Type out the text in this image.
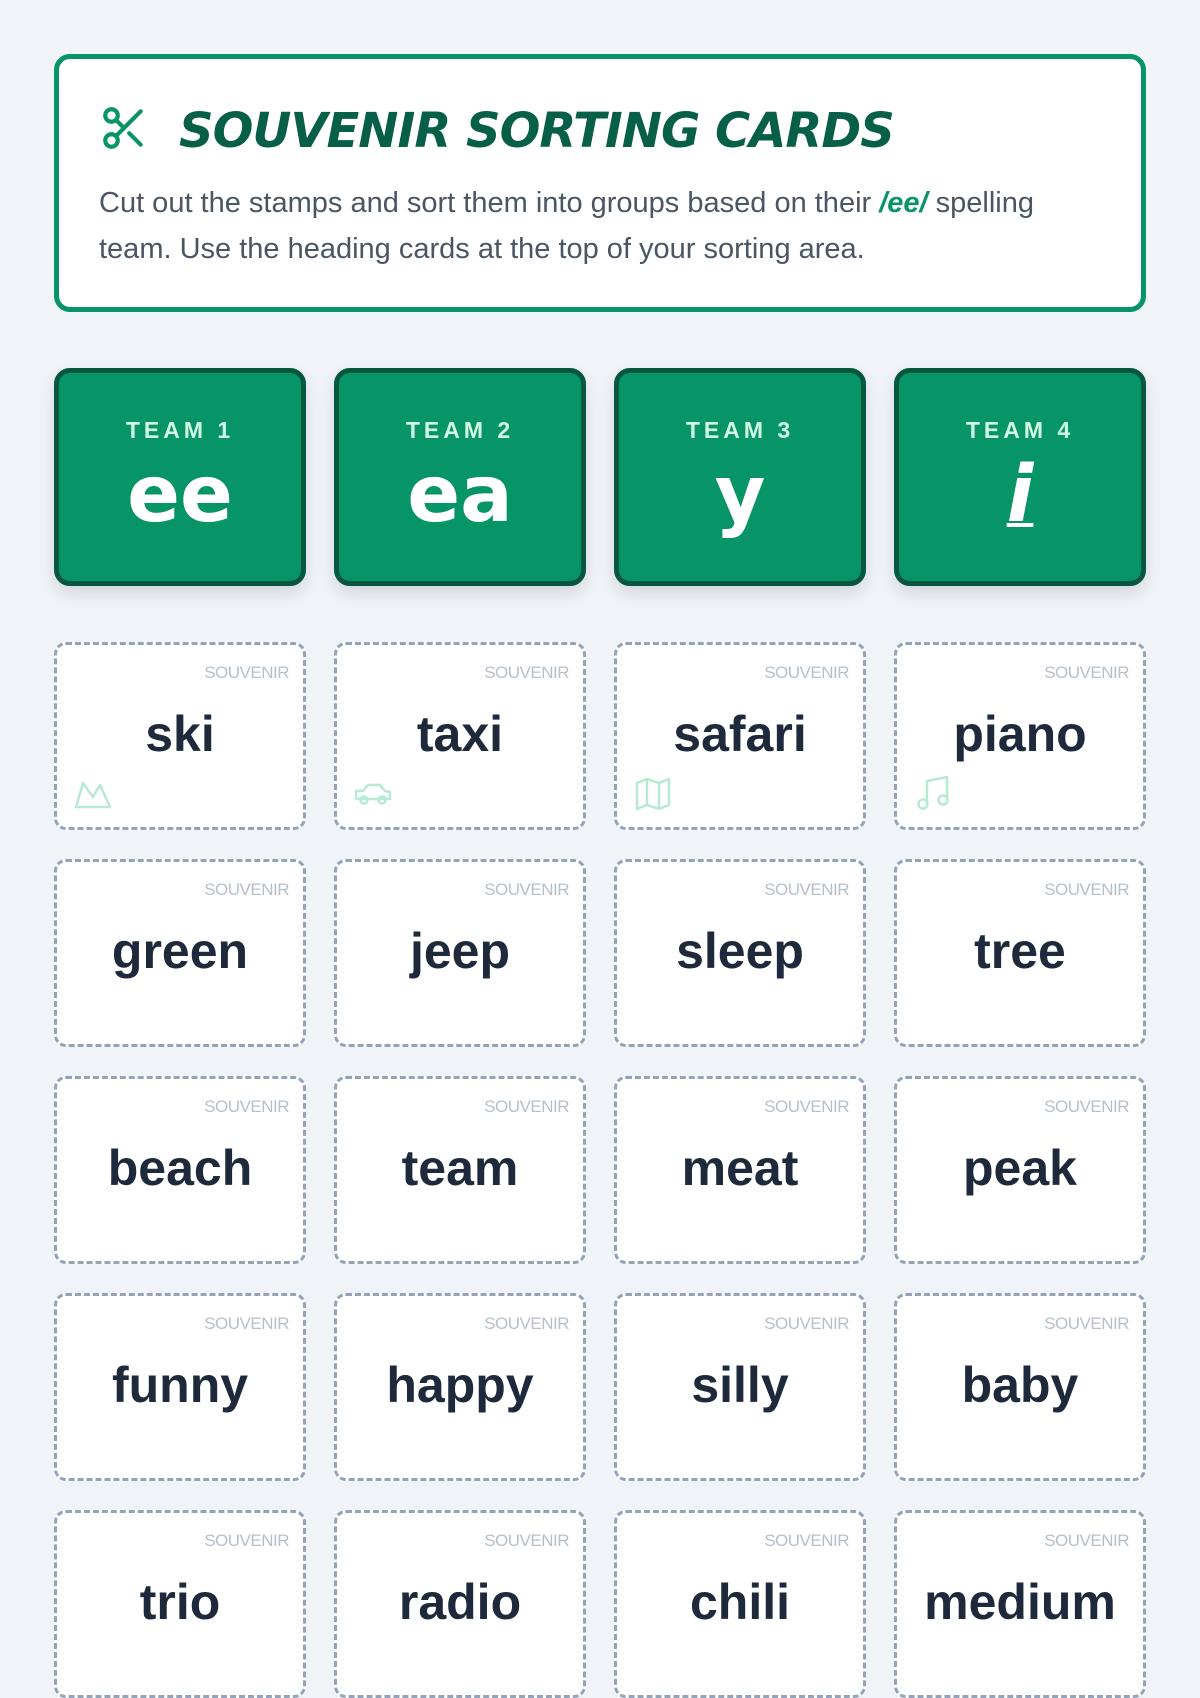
SOUVENIR SORTING CARDS
Cut out the stamps and sort them into groups based on their /ee/ spelling team. Use the heading cards at the top of your sorting area.
TEAM 1
ee
TEAM 2
ea
TEAM 3
y
TEAM 4
i
SOUVENIR
ski
SOUVENIR
taxi
SOUVENIR
safari
SOUVENIR
piano
SOUVENIR
green
SOUVENIR
jeep
SOUVENIR
sleep
SOUVENIR
tree
SOUVENIR
beach
SOUVENIR
team
SOUVENIR
meat
SOUVENIR
peak
SOUVENIR
funny
SOUVENIR
happy
SOUVENIR
silly
SOUVENIR
baby
SOUVENIR
trio
SOUVENIR
radio
SOUVENIR
chili
SOUVENIR
medium
